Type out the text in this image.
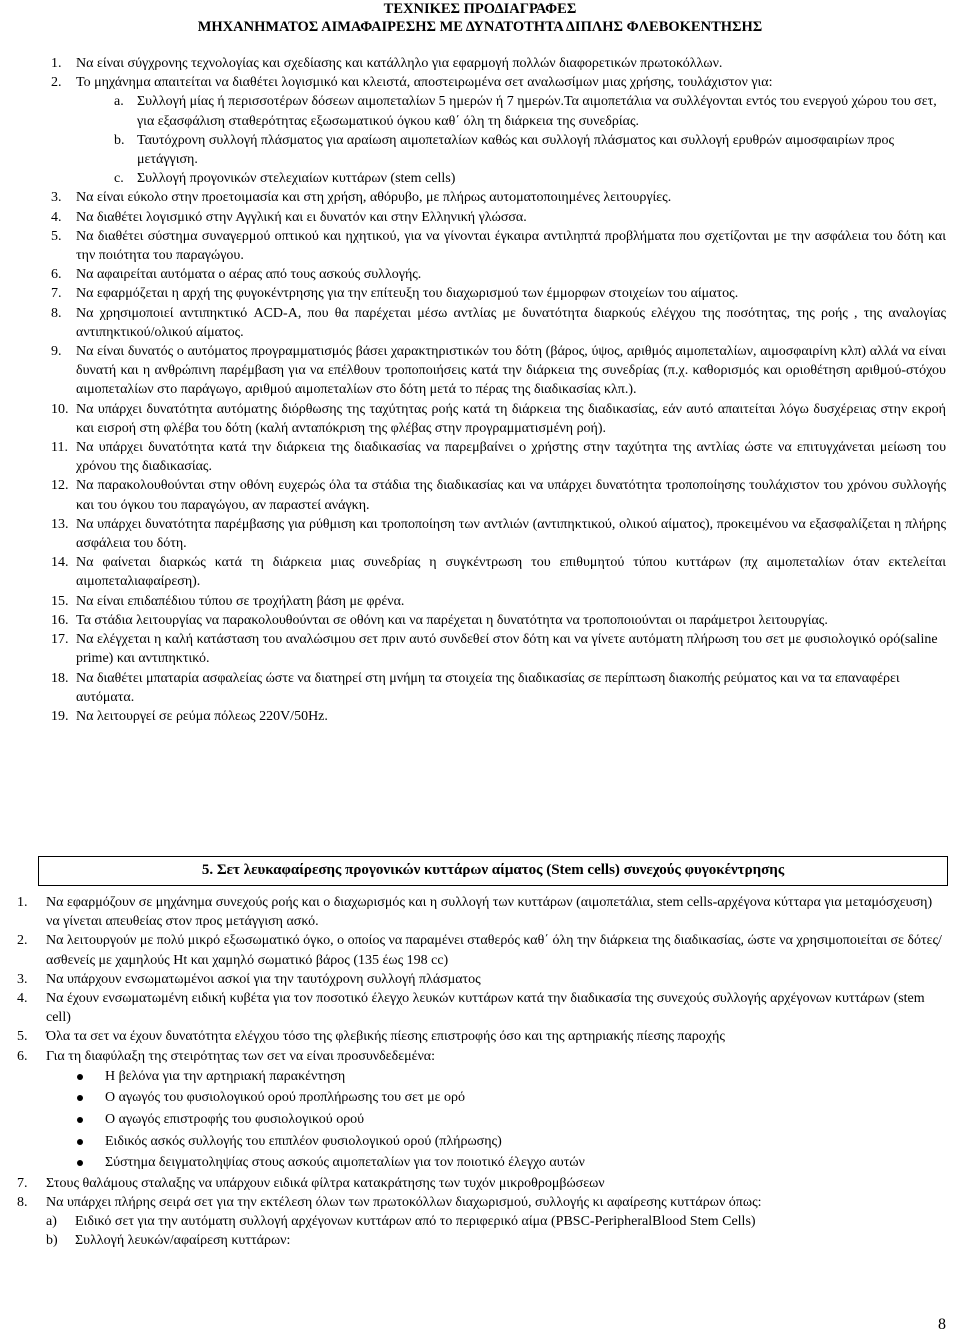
ΤΕΧΝΙΚΕΣ ΠΡΟΔΙΑΓΡΑΦΕΣ
ΜΗΧΑΝΗΜΑΤΟΣ ΑΙΜΑΦΑΙΡΕΣΗΣ ΜΕ ΔΥΝΑΤΟΤΗΤΑ ΔΙΠΛΗΣ ΦΛΕΒΟΚΕΝΤΗΣΗΣ
1. Να είναι σύγχρονης τεχνολογίας και σχεδίασης και κατάλληλο για εφαρμογή πολλών διαφορετικών πρωτοκόλλων.
2. Το μηχάνημα απαιτείται να διαθέτει λογισμικό και κλειστά, αποστειρωμένα σετ αναλωσίμων μιας χρήσης, τουλάχιστον για:
a. Συλλογή μίας ή περισσοτέρων δόσεων αιμοπεταλίων 5 ημερών ή 7 ημερών.Τα αιμοπετάλια να συλλέγονται εντός του ενεργού χώρου του σετ, για εξασφάλιση σταθερότητας εξωσωματικού όγκου καθ΄ όλη τη διάρκεια της συνεδρίας.
b. Ταυτόχρονη συλλογή πλάσματος για αραίωση αιμοπεταλίων καθώς και συλλογή πλάσματος και συλλογή ερυθρών αιμοσφαιρίων προς μετάγγιση.
c. Συλλογή προγονικών στελεχιαίων κυττάρων (stem cells)
3. Να είναι εύκολο στην προετοιμασία και στη χρήση, αθόρυβο, με πλήρως αυτοματοποιημένες λειτουργίες.
4. Να διαθέτει λογισμικό στην Αγγλική και ει δυνατόν και στην Ελληνική γλώσσα.
5. Να διαθέτει σύστημα συναγερμού οπτικού και ηχητικού, για να γίνονται έγκαιρα αντιληπτά προβλήματα που σχετίζονται με την ασφάλεια του δότη και την ποιότητα του παραγώγου.
6. Να αφαιρείται αυτόματα ο αέρας από τους ασκούς συλλογής.
7. Να εφαρμόζεται η αρχή της φυγοκέντρησης για την επίτευξη του διαχωρισμού των έμμορφων στοιχείων του αίματος.
8. Να χρησιμοποιεί αντιπηκτικό ACD-A, που θα παρέχεται μέσω αντλίας με δυνατότητα διαρκούς ελέγχου της ποσότητας, της ροής , της αναλογίας αντιπηκτικού/ολικού αίματος.
9. Να είναι δυνατός ο αυτόματος προγραμματισμός βάσει χαρακτηριστικών του δότη (βάρος, ύψος, αριθμός αιμοπεταλίων, αιμοσφαιρίνη κλπ) αλλά να είναι δυνατή και η ανθρώπινη παρέμβαση για να επέλθουν τροποποιήσεις κατά την διάρκεια της συνεδρίας (π.χ. καθορισμός και οριοθέτηση αριθμού-στόχου αιμοπεταλίων στο παράγωγο, αριθμού αιμοπεταλίων στο δότη μετά το πέρας της διαδικασίας κλπ.).
10. Να υπάρχει δυνατότητα αυτόματης διόρθωσης της ταχύτητας ροής κατά τη διάρκεια της διαδικασίας, εάν αυτό απαιτείται λόγω δυσχέρειας στην εκροή και εισροή στη φλέβα του δότη (καλή ανταπόκριση της φλέβας στην προγραμματισμένη ροή).
11. Να υπάρχει δυνατότητα κατά την διάρκεια της διαδικασίας να παρεμβαίνει ο χρήστης στην ταχύτητα της αντλίας ώστε να επιτυγχάνεται μείωση του χρόνου της διαδικασίας.
12. Να παρακολουθούνται στην οθόνη ευχερώς όλα τα στάδια της διαδικασίας και να υπάρχει δυνατότητα τροποποίησης τουλάχιστον του χρόνου συλλογής και του όγκου του παραγώγου, αν παραστεί ανάγκη.
13. Να υπάρχει δυνατότητα παρέμβασης για ρύθμιση και τροποποίηση των αντλιών (αντιπηκτικού, ολικού αίματος), προκειμένου να εξασφαλίζεται η πλήρης ασφάλεια του δότη.
14. Να φαίνεται διαρκώς κατά τη διάρκεια μιας συνεδρίας η συγκέντρωση του επιθυμητού τύπου κυττάρων (πχ αιμοπεταλίων όταν εκτελείται αιμοπεταλιαφαίρεση).
15. Να είναι επιδαπέδιου τύπου σε τροχήλατη βάση με φρένα.
16. Τα στάδια λειτουργίας να παρακολουθούνται σε οθόνη και να παρέχεται η δυνατότητα να τροποποιούνται οι παράμετροι λειτουργίας.
17. Να ελέγχεται η καλή κατάσταση του αναλώσιμου σετ πριν αυτό συνδεθεί στον δότη και να γίνετε αυτόματη πλήρωση του σετ με φυσιολογικό ορό(saline prime) και αντιπηκτικό.
18. Να διαθέτει μπαταρία ασφαλείας ώστε να διατηρεί στη μνήμη τα στοιχεία της διαδικασίας σε περίπτωση διακοπής ρεύματος και να τα επαναφέρει αυτόματα.
19. Να λειτουργεί σε ρεύμα πόλεως 220V/50Hz.
5. Σετ λευκαφαίρεσης προγονικών κυττάρων αίματος (Stem cells) συνεχούς φυγοκέντρησης
1. Να εφαρμόζουν σε μηχάνημα συνεχούς ροής και ο διαχωρισμός και η συλλογή των κυττάρων (αιμοπετάλια, stem cells-αρχέγονα κύτταρα για μεταμόσχευση) να γίνεται απευθείας στον προς μετάγγιση ασκό.
2. Να λειτουργούν με πολύ μικρό εξωσωματικό όγκο, ο οποίος να παραμένει σταθερός καθ΄ όλη την διάρκεια της διαδικασίας, ώστε να χρησιμοποιείται σε δότες/ασθενείς με χαμηλούς Ht και χαμηλό σωματικό βάρος (135 έως 198 cc)
3. Να υπάρχουν ενσωματωμένοι ασκοί για την ταυτόχρονη συλλογή πλάσματος
4. Να έχουν ενσωματωμένη ειδική κυβέτα για τον ποσοτικό έλεγχο λευκών κυττάρων κατά την διαδικασία της συνεχούς συλλογής αρχέγονων κυττάρων (stem cell)
5. Όλα τα σετ να έχουν δυνατότητα ελέγχου τόσο της φλεβικής πίεσης επιστροφής όσο και της αρτηριακής πίεσης παροχής
6. Για τη διαφύλαξη της στειρότητας των σετ να είναι προσυνδεδεμένα:
Η βελόνα για την αρτηριακή παρακέντηση
Ο αγωγός του φυσιολογικού ορού προπλήρωσης του σετ με ορό
Ο αγωγός επιστροφής του φυσιολογικού ορού
Ειδικός ασκός συλλογής του επιπλέον φυσιολογικού ορού (πλήρωσης)
Σύστημα δειγματοληψίας στους ασκούς αιμοπεταλίων για τον ποιοτικό έλεγχο αυτών
7. Στους θαλάμους σταλαξης να υπάρχουν ειδικά φίλτρα κατακράτησης των τυχόν μικροθρομβώσεων
8. Να υπάρχει πλήρης σειρά σετ για την εκτέλεση όλων των πρωτοκόλλων διαχωρισμού, συλλογής κι αφαίρεσης κυττάρων όπως:
a) Ειδικό σετ για την αυτόματη συλλογή αρχέγονων κυττάρων από το περιφερικό αίμα (PBSC-PeripheralBlood Stem Cells)
b) Συλλογή λευκών/αφαίρεση κυττάρων:
8
